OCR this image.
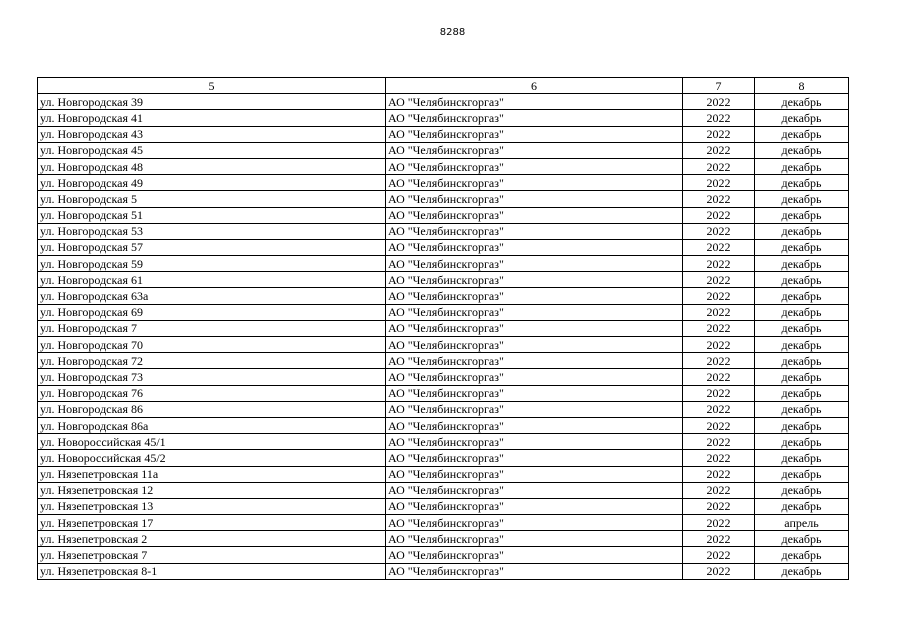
8288
5	6	7	8
ул. Новгородская 39	АО "Челябинскгоргаз"	2022	декабрь
ул. Новгородская 41	АО "Челябинскгоргаз"	2022	декабрь
ул. Новгородская 43	АО "Челябинскгоргаз"	2022	декабрь
ул. Новгородская 45	АО "Челябинскгоргаз"	2022	декабрь
ул. Новгородская 48	АО "Челябинскгоргаз"	2022	декабрь
ул. Новгородская 49	АО "Челябинскгоргаз"	2022	декабрь
ул. Новгородская 5	АО "Челябинскгоргаз"	2022	декабрь
ул. Новгородская 51	АО "Челябинскгоргаз"	2022	декабрь
ул. Новгородская 53	АО "Челябинскгоргаз"	2022	декабрь
ул. Новгородская 57	АО "Челябинскгоргаз"	2022	декабрь
ул. Новгородская 59	АО "Челябинскгоргаз"	2022	декабрь
ул. Новгородская 61	АО "Челябинскгоргаз"	2022	декабрь
ул. Новгородская 63а	АО "Челябинскгоргаз"	2022	декабрь
ул. Новгородская 69	АО "Челябинскгоргаз"	2022	декабрь
ул. Новгородская 7	АО "Челябинскгоргаз"	2022	декабрь
ул. Новгородская 70	АО "Челябинскгоргаз"	2022	декабрь
ул. Новгородская 72	АО "Челябинскгоргаз"	2022	декабрь
ул. Новгородская 73	АО "Челябинскгоргаз"	2022	декабрь
ул. Новгородская 76	АО "Челябинскгоргаз"	2022	декабрь
ул. Новгородская 86	АО "Челябинскгоргаз"	2022	декабрь
ул. Новгородская 86а	АО "Челябинскгоргаз"	2022	декабрь
ул. Новороссийская 45/1	АО "Челябинскгоргаз"	2022	декабрь
ул. Новороссийская 45/2	АО "Челябинскгоргаз"	2022	декабрь
ул. Нязепетровская 11а	АО "Челябинскгоргаз"	2022	декабрь
ул. Нязепетровская 12	АО "Челябинскгоргаз"	2022	декабрь
ул. Нязепетровская 13	АО "Челябинскгоргаз"	2022	декабрь
ул. Нязепетровская 17	АО "Челябинскгоргаз"	2022	апрель
ул. Нязепетровская 2	АО "Челябинскгоргаз"	2022	декабрь
ул. Нязепетровская 7	АО "Челябинскгоргаз"	2022	декабрь
ул. Нязепетровская 8-1	АО "Челябинскгоргаз"	2022	декабрь
